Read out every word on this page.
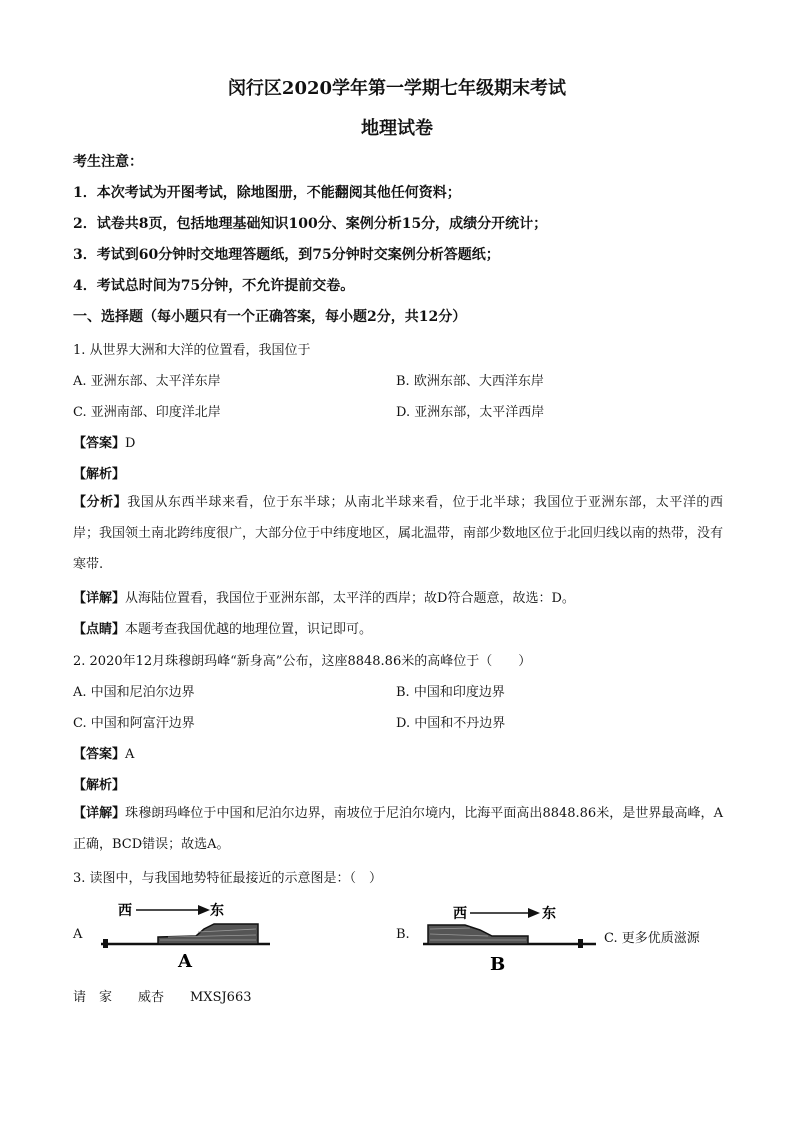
闵行区2020学年第一学期七年级期末考试
地理试卷
考生注意：
1．本次考试为开图考试，除地图册，不能翻阅其他任何资料；
2．试卷共8页，包括地理基础知识100分、案例分析15分，成绩分开统计；
3．考试到60分钟时交地理答题纸，到75分钟时交案例分析答题纸；
4．考试总时间为75分钟，不允许提前交卷。
一、选择题（每小题只有一个正确答案，每小题2分，共12分）
1. 从世界大洲和大洋的位置看，我国位于
A. 亚洲东部、太平洋东岸	B. 欧洲东部、大西洋东岸
C. 亚洲南部、印度洋北岸	D. 亚洲东部，太平洋西岸
【答案】D
【解析】
【分析】我国从东西半球来看，位于东半球；从南北半球来看，位于北半球；我国位于亚洲东部，太平洋的西岸；我国领土南北跨纬度很广，大部分位于中纬度地区，属北温带，南部少数地区位于北回归线以南的热带，没有寒带.
【详解】从海陆位置看，我国位于亚洲东部，太平洋的西岸；故D符合题意，故选：D。
【点睛】本题考查我国优越的地理位置，识记即可。
2. 2020年12月珠穆朗玛峰“新身高”公布，这座8848.86米的高峰位于（　　）
A. 中国和尼泊尔边界	B. 中国和印度边界
C. 中国和阿富汗边界	D. 中国和不丹边界
【答案】A
【解析】
【详解】珠穆朗玛峰位于中国和尼泊尔边界，南坡位于尼泊尔境内，比海平面高出8848.86米，是世界最高峰，A正确，BCD错误；故选A。
3. 读图中，与我国地势特征最接近的示意图是：（　）
A
西	东
A
B.
西	东
B
C. 更多优质滋源
请　家　　威杏　　MXSJ663
